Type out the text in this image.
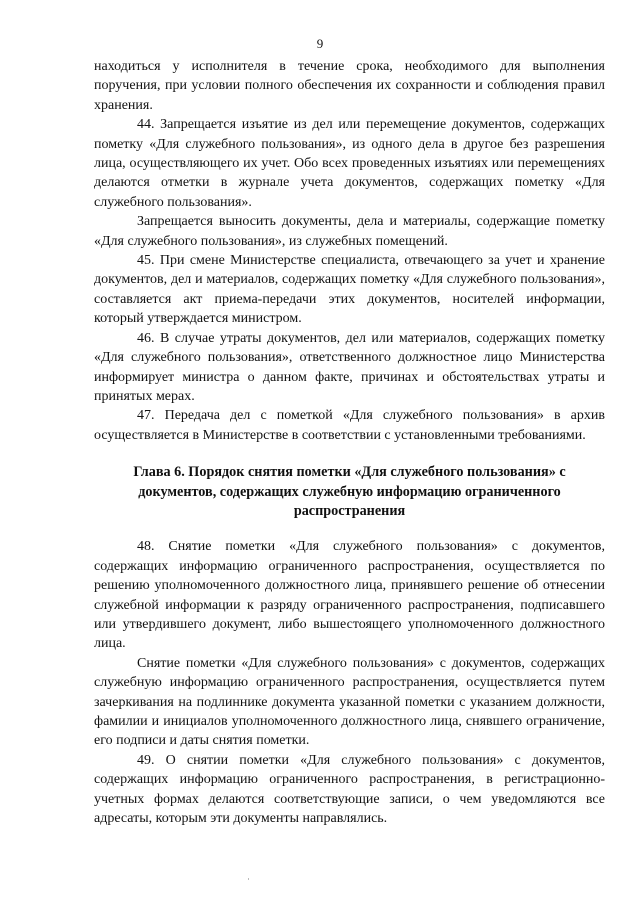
9

находиться у исполнителя в течение срока, необходимого для выполнения поручения, при условии полного обеспечения их сохранности и соблюдения правил хранения.

44. Запрещается изъятие из дел или перемещение документов, содержащих пометку «Для служебного пользования», из одного дела в другое без разрешения лица, осуществляющего их учет. Обо всех проведенных изъятиях или перемещениях делаются отметки в журнале учета документов, содержащих пометку «Для служебного пользования».

Запрещается выносить документы, дела и материалы, содержащие пометку «Для служебного пользования», из служебных помещений.

45. При смене Министерстве специалиста, отвечающего за учет и хранение документов, дел и материалов, содержащих пометку «Для служебного пользования», составляется акт приема-передачи этих документов, носителей информации, который утверждается министром.

46. В случае утраты документов, дел или материалов, содержащих пометку «Для служебного пользования», ответственного должностное лицо Министерства информирует министра о данном факте, причинах и обстоятельствах утраты и принятых мерах.

47. Передача дел с пометкой «Для служебного пользования» в архив осуществляется в Министерстве в соответствии с установленными требованиями.

Глава 6. Порядок снятия пометки «Для служебного пользования» с документов, содержащих служебную информацию ограниченного распространения

48. Снятие пометки «Для служебного пользования» с документов, содержащих информацию ограниченного распространения, осуществляется по решению уполномоченного должностного лица, принявшего решение об отнесении служебной информации к разряду ограниченного распространения, подписавшего или утвердившего документ, либо вышестоящего уполномоченного должностного лица.

Снятие пометки «Для служебного пользования» с документов, содержащих служебную информацию ограниченного распространения, осуществляется путем зачеркивания на подлиннике документа указанной пометки с указанием должности, фамилии и инициалов уполномоченного должностного лица, снявшего ограничение, его подписи и даты снятия пометки.

49. О снятии пометки «Для служебного пользования» с документов, содержащих информацию ограниченного распространения, в регистрационно-учетных формах делаются соответствующие записи, о чем уведомляются все адресаты, которым эти документы направлялись.
